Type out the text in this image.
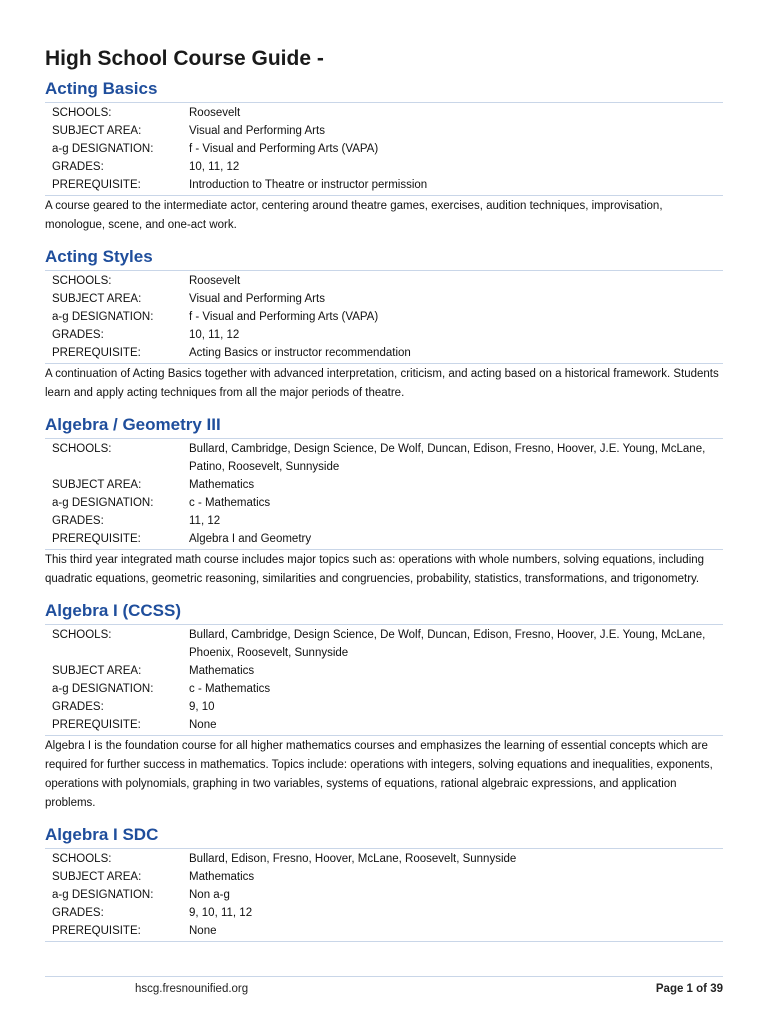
High School Course Guide -
Acting Basics
SCHOOLS:	Roosevelt
SUBJECT AREA:	Visual and Performing Arts
a-g DESIGNATION:	f - Visual and Performing Arts (VAPA)
GRADES:	10, 11, 12
PREREQUISITE:	Introduction to Theatre or instructor permission

A course geared to the intermediate actor, centering around theatre games, exercises, audition techniques, improvisation, monologue, scene, and one-act work.

Acting Styles
SCHOOLS:	Roosevelt
SUBJECT AREA:	Visual and Performing Arts
a-g DESIGNATION:	f - Visual and Performing Arts (VAPA)
GRADES:	10, 11, 12
PREREQUISITE:	Acting Basics or instructor recommendation

A continuation of Acting Basics together with advanced interpretation, criticism, and acting based on a historical framework. Students learn and apply acting techniques from all the major periods of theatre.

Algebra / Geometry III
SCHOOLS:	Bullard, Cambridge, Design Science, De Wolf, Duncan, Edison, Fresno, Hoover, J.E. Young, McLane, Patino, Roosevelt, Sunnyside
SUBJECT AREA:	Mathematics
a-g DESIGNATION:	c - Mathematics
GRADES:	11, 12
PREREQUISITE:	Algebra I and Geometry

This third year integrated math course includes major topics such as: operations with whole numbers, solving equations, including quadratic equations, geometric reasoning, similarities and congruencies, probability, statistics, transformations, and trigonometry.

Algebra I (CCSS)
SCHOOLS:	Bullard, Cambridge, Design Science, De Wolf, Duncan, Edison, Fresno, Hoover, J.E. Young, McLane, Phoenix, Roosevelt, Sunnyside
SUBJECT AREA:	Mathematics
a-g DESIGNATION:	c - Mathematics
GRADES:	9, 10
PREREQUISITE:	None

Algebra I is the foundation course for all higher mathematics courses and emphasizes the learning of essential concepts which are required for further success in mathematics. Topics include: operations with integers, solving equations and inequalities, exponents, operations with polynomials, graphing in two variables, systems of equations, rational algebraic expressions, and application problems.

Algebra I SDC
SCHOOLS:	Bullard, Edison, Fresno, Hoover, McLane, Roosevelt, Sunnyside
SUBJECT AREA:	Mathematics
a-g DESIGNATION:	Non a-g
GRADES:	9, 10, 11, 12
PREREQUISITE:	None
hscg.fresnounified.org	Page 1 of 39
